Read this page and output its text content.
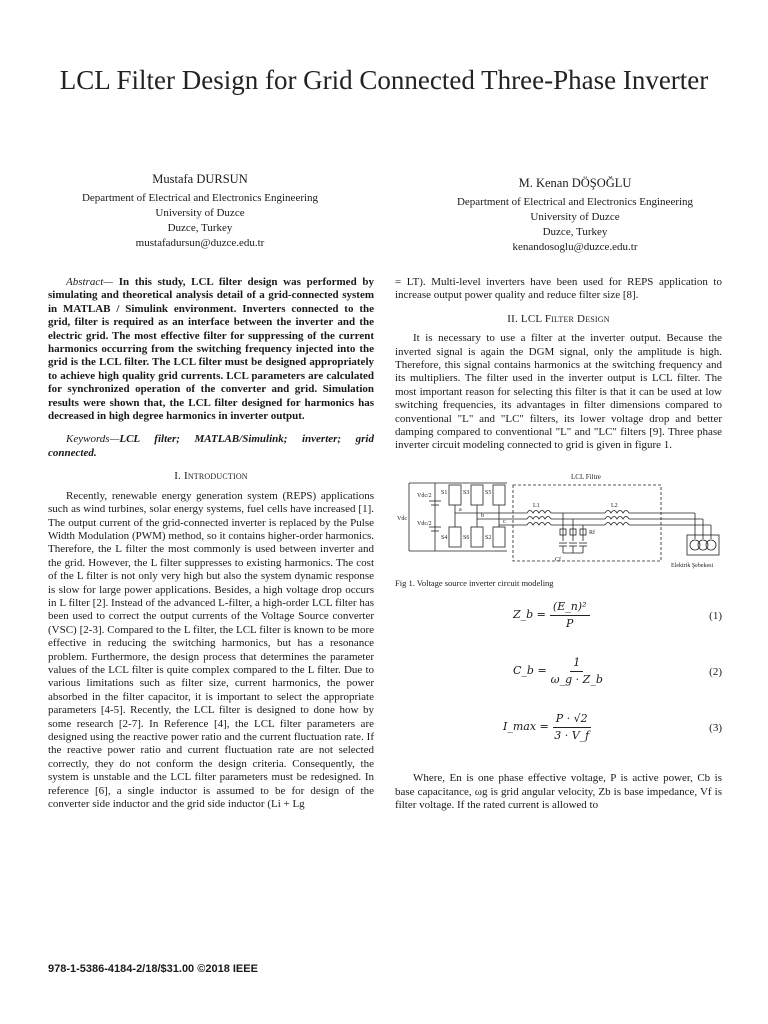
LCL Filter Design for Grid Connected Three-Phase Inverter
Mustafa DURSUN
Department of Electrical and Electronics Engineering
University of Duzce
Duzce, Turkey
mustafadursun@duzce.edu.tr
M. Kenan DÖŞOĞLU
Department of Electrical and Electronics Engineering
University of Duzce
Duzce, Turkey
kenandosoglu@duzce.edu.tr

Abstract— In this study, LCL filter design was performed by simulating and theoretical analysis detail of a grid-connected system in MATLAB / Simulink environment. Inverters connected to the grid, filter is required as an interface between the inverter and the electric grid. The most effective filter for suppressing of the current harmonics occurring from the switching frequency injected into the grid is the LCL filter. The LCL filter must be designed appropriately to achieve high quality grid currents. LCL parameters are calculated for synchronized operation of the converter and grid. Simulation results were shown that, the LCL filter designed for harmonics has decreased in high degree harmonics in inverter output.

Keywords—LCL filter; MATLAB/Simulink; inverter; grid connected.

I. Introduction

Recently, renewable energy generation system (REPS) applications such as wind turbines, solar energy systems, fuel cells have increased [1]. The output current of the grid-connected inverter is replaced by the Pulse Width Modulation (PWM) method, so it contains higher-order harmonics. Therefore, the L filter the most commonly is used between inverter and the grid. However, the L filter suppresses to existing harmonics. The cost of the L filter is not only very high but also the system dynamic response is slow for large power applications. Besides, a high voltage drop occurs in L filter [2]. Instead of the advanced L-filter, a high-order LCL filter has been used to correct the output currents of the Voltage Source converter (VSC) [2-3]. Compared to the L filter, the LCL filter is known to be more effective in reducing the switching harmonics, but has a resonance problem. Furthermore, the design process that determines the parameter values of the LCL filter is quite complex compared to the L filter. Due to various limitations such as filter size, current harmonics, the power absorbed in the filter capacitor, it is important to select the appropriate parameters [4-5]. Recently, the LCL filter is designed to done how by some research [2-7]. In Reference [4], the LCL filter parameters are designed using the reactive power ratio and the current fluctuation rate. If the reactive power ratio and current fluctuation rate are not selected correctly, they do not conform the design criteria. Consequently, the system is unstable and the LCL filter parameters must be redesigned. In reference [6], a single inductor is assumed to be for design of the converter side inductor and the grid side inductor (Li + Lg

= LT). Multi-level inverters have been used for REPS application to increase output power quality and reduce filter size [8].

II. LCL Filter Design

It is necessary to use a filter at the inverter output. Because the inverted signal is again the DGM signal, only the amplitude is high. Therefore, this signal contains harmonics at the switching frequency and its multipliers. The filter used in the inverter output is LCL filter. The most important reason for selecting this filter is that it can be used at low switching frequencies, its advantages in filter dimensions compared to conventional "L" and "LC" filters, its lower voltage drop and better damping compared to conventional "L" and "LC" filters [9]. Three phase inverter circuit modeling connected to grid is given in figure 1.

Vdc
Vdc/2
Vdc/2
S1	S3	S5
S4	S6	S2
a
b
c
L1	L2
LCL Filtre
Cf
Rf
Elektrik Şebekesi

Fig 1. Voltage source inverter circuit modeling

Z_b = $\frac{\text{(E\_n)²}}{P}$	(1)
C_b = $\frac{1}{\omega\_g \cdot Z\_b}$	(2)
I_max = $\frac{P \cdot √2}{3 \cdot V\_f}$	(3)

Where, En is one phase effective voltage, P is active power, Cb is base capacitance, ωg is grid angular velocity, Zb is base impedance, Vf is filter voltage. If the rated current is allowed to

978-1-5386-4184-2/18/$31.00 ©2018 IEEE
